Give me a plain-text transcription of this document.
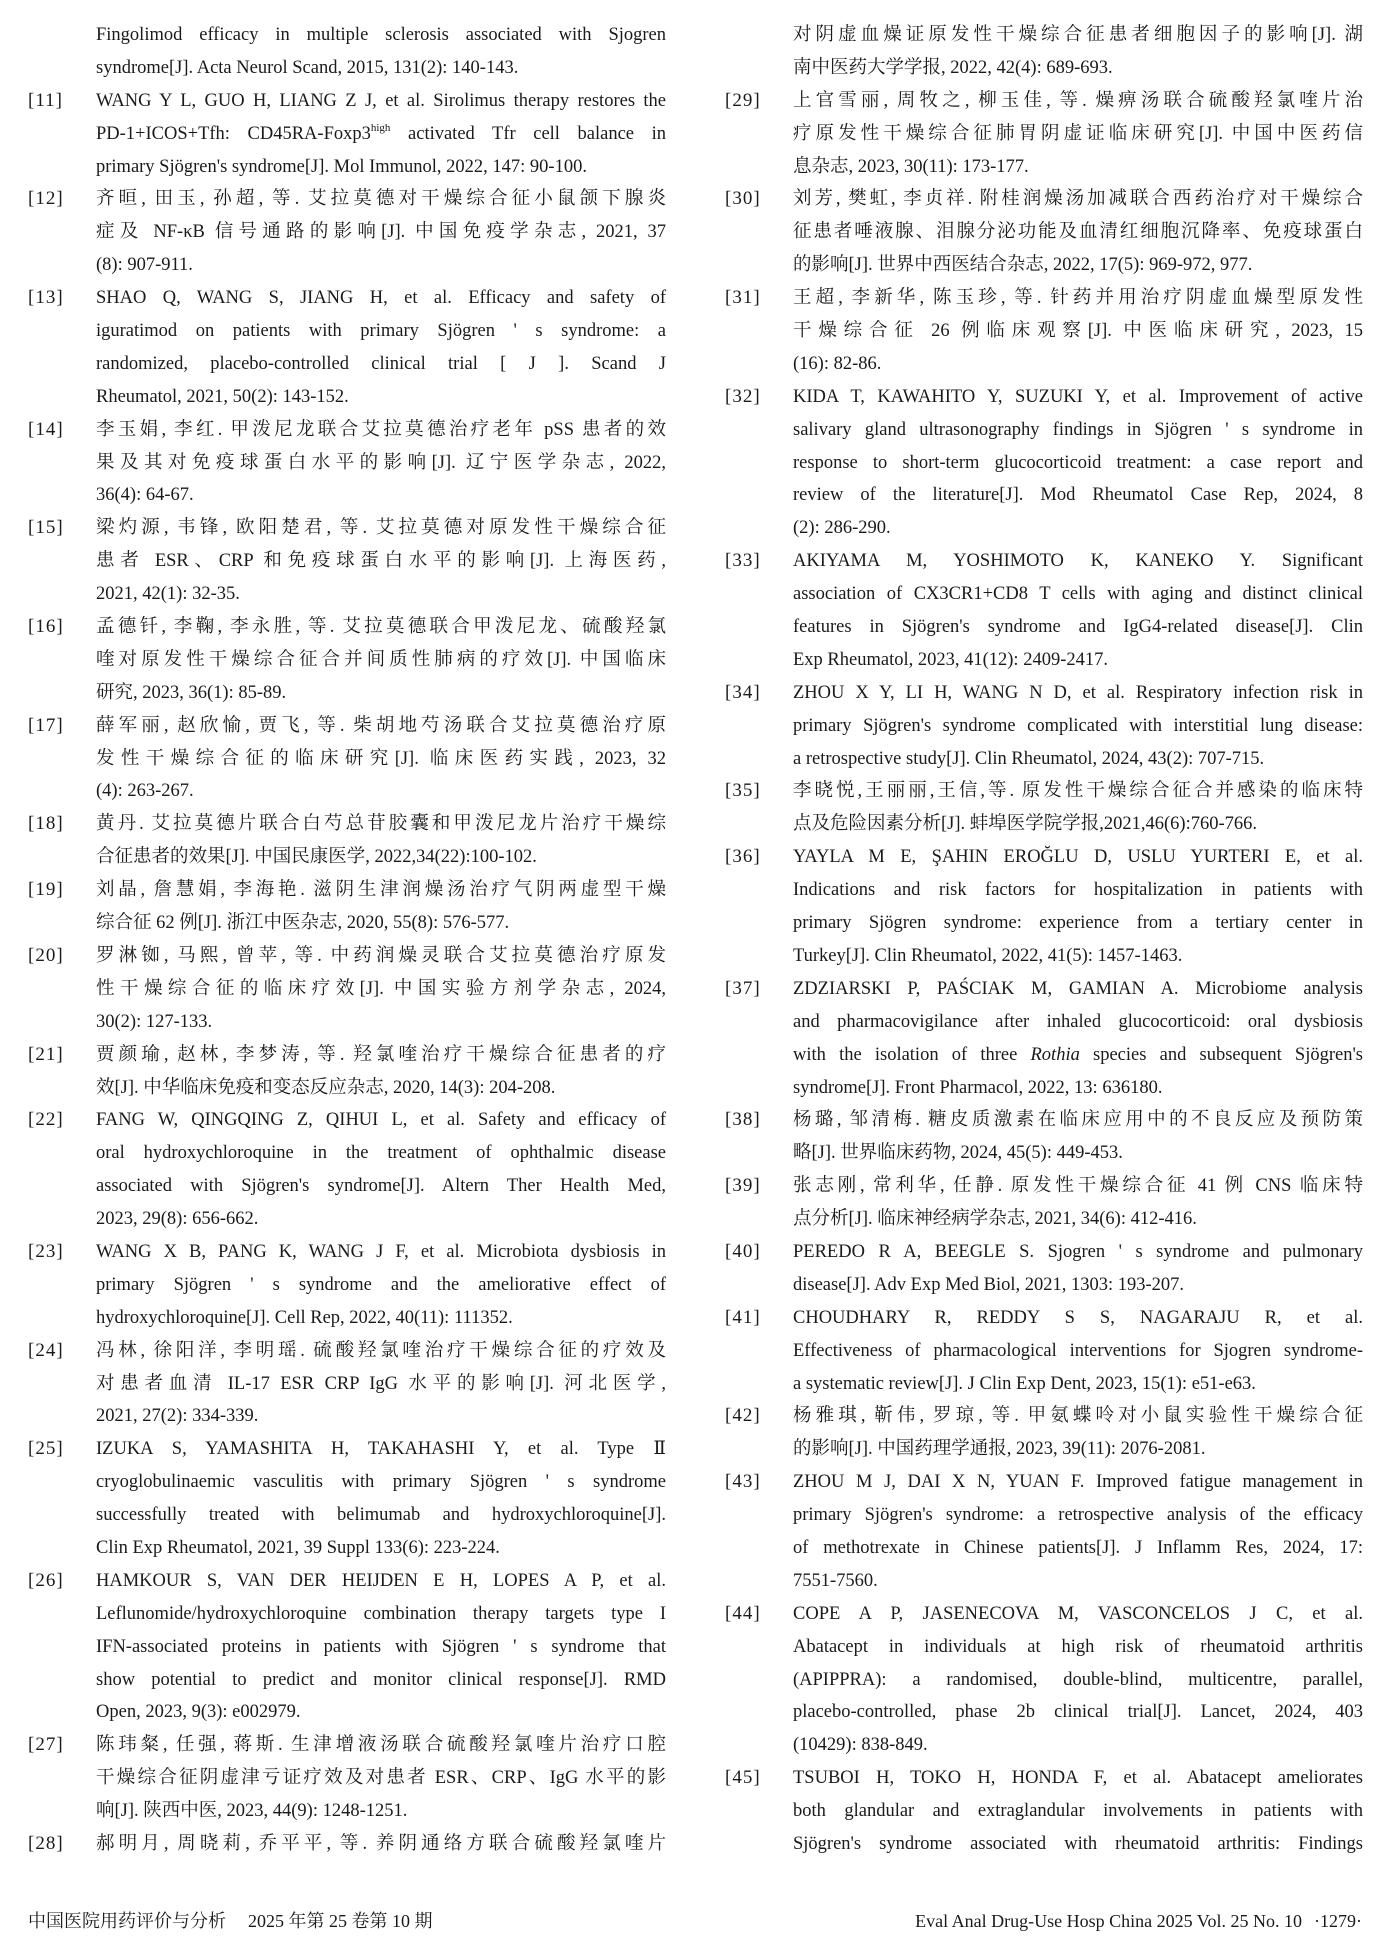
Fingolimod efficacy in multiple sclerosis associated with Sjogren
syndrome[J]. Acta Neurol Scand, 2015, 131(2): 140-143.
[11] WANG Y L, GUO H, LIANG Z J, et al. Sirolimus therapy restores the
PD-1+ICOS+Tfh: $CD45RA-Foxp3^{high}$ activated Tfr cell balance in
primary Sjögren's syndrome[J]. Mol Immunol, 2022, 147: 90-100.
[12] 齐晅, 田玉, 孙超, 等. 艾拉莫德对干燥综合征小鼠颌下腺炎
症及 NF-κB 信号通路的影响[J]. 中国免疫学杂志, 2021, 37
(8): 907-911.
[13] SHAO Q, WANG S, JIANG H, et al. Efficacy and safety of
iguratimod on patients with primary Sjögren ' s syndrome: a
randomized, placebo-controlled clinical trial [ J ]. Scand J
Rheumatol, 2021, 50(2): 143-152.
[14] 李玉娟, 李红. 甲泼尼龙联合艾拉莫德治疗老年 pSS 患者的效
果及其对免疫球蛋白水平的影响[J]. 辽宁医学杂志, 2022,
36(4): 64-67.
[15] 梁灼源, 韦锋, 欧阳楚君, 等. 艾拉莫德对原发性干燥综合征
患者 ESR、CRP 和免疫球蛋白水平的影响[J]. 上海医药,
2021, 42(1): 32-35.
[16] 孟德钎, 李鞠, 李永胜, 等. 艾拉莫德联合甲泼尼龙、硫酸羟氯
喹对原发性干燥综合征合并间质性肺病的疗效[J]. 中国临床
研究, 2023, 36(1): 85-89.
[17] 薛军丽, 赵欣愉, 贾飞, 等. 柴胡地芍汤联合艾拉莫德治疗原
发性干燥综合征的临床研究[J]. 临床医药实践, 2023, 32
(4): 263-267.
[18] 黄丹. 艾拉莫德片联合白芍总苷胶囊和甲泼尼龙片治疗干燥综
合征患者的效果[J]. 中国民康医学, 2022,34(22):100-102.
[19] 刘晶, 詹慧娟, 李海艳. 滋阴生津润燥汤治疗气阴两虚型干燥
综合征 62 例[J]. 浙江中医杂志, 2020, 55(8): 576-577.
[20] 罗淋铷, 马熙, 曾苹, 等. 中药润燥灵联合艾拉莫德治疗原发
性干燥综合征的临床疗效[J]. 中国实验方剂学杂志, 2024,
30(2): 127-133.
[21] 贾颜瑜, 赵林, 李梦涛, 等. 羟氯喹治疗干燥综合征患者的疗
效[J]. 中华临床免疫和变态反应杂志, 2020, 14(3): 204-208.
[22] FANG W, QINGQING Z, QIHUI L, et al. Safety and efficacy of
oral hydroxychloroquine in the treatment of ophthalmic disease
associated with Sjögren's syndrome[J]. Altern Ther Health Med,
2023, 29(8): 656-662.
[23] WANG X B, PANG K, WANG J F, et al. Microbiota dysbiosis in
primary Sjögren ' s syndrome and the ameliorative effect of
hydroxychloroquine[J]. Cell Rep, 2022, 40(11): 111352.
[24] 冯林, 徐阳洋, 李明瑶. 硫酸羟氯喹治疗干燥综合征的疗效及
对患者血清 IL-17 ESR CRP IgG 水平的影响[J]. 河北医学,
2021, 27(2): 334-339.
[25] IZUKA S, YAMASHITA H, TAKAHASHI Y, et al. Type Ⅱ
cryoglobulinaemic vasculitis with primary Sjögren ' s syndrome
successfully treated with belimumab and hydroxychloroquine[J].
Clin Exp Rheumatol, 2021, 39 Suppl 133(6): 223-224.
[26] HAMKOUR S, VAN DER HEIJDEN E H, LOPES A P, et al.
Leflunomide/hydroxychloroquine combination therapy targets type I
IFN-associated proteins in patients with Sjögren ' s syndrome that
show potential to predict and monitor clinical response[J]. RMD
Open, 2023, 9(3): e002979.
[27] 陈玮粲, 任强, 蒋斯. 生津增液汤联合硫酸羟氯喹片治疗口腔
干燥综合征阴虚津亏证疗效及对患者 ESR、CRP、IgG 水平的影
响[J]. 陕西中医, 2023, 44(9): 1248-1251.
[28] 郝明月, 周晓莉, 乔平平, 等. 养阴通络方联合硫酸羟氯喹片
对阴虚血燥证原发性干燥综合征患者细胞因子的影响[J]. 湖
南中医药大学学报, 2022, 42(4): 689-693.
[29] 上官雪丽, 周牧之, 柳玉佳, 等. 燥痹汤联合硫酸羟氯喹片治
疗原发性干燥综合征肺胃阴虚证临床研究[J]. 中国中医药信
息杂志, 2023, 30(11): 173-177.
[30] 刘芳, 樊虹, 李贞祥. 附桂润燥汤加减联合西药治疗对干燥综合
征患者唾液腺、泪腺分泌功能及血清红细胞沉降率、免疫球蛋白
的影响[J]. 世界中西医结合杂志, 2022, 17(5): 969-972, 977.
[31] 王超, 李新华, 陈玉珍, 等. 针药并用治疗阴虚血燥型原发性
干燥综合征 26 例临床观察[J]. 中医临床研究, 2023, 15
(16): 82-86.
[32] KIDA T, KAWAHITO Y, SUZUKI Y, et al. Improvement of active
salivary gland ultrasonography findings in Sjögren ' s syndrome in
response to short-term glucocorticoid treatment: a case report and
review of the literature[J]. Mod Rheumatol Case Rep, 2024, 8
(2): 286-290.
[33] AKIYAMA M, YOSHIMOTO K, KANEKO Y. Significant
association of CX3CR1+CD8 T cells with aging and distinct clinical
features in Sjögren's syndrome and IgG4-related disease[J]. Clin
Exp Rheumatol, 2023, 41(12): 2409-2417.
[34] ZHOU X Y, LI H, WANG N D, et al. Respiratory infection risk in
primary Sjögren's syndrome complicated with interstitial lung disease:
a retrospective study[J]. Clin Rheumatol, 2024, 43(2): 707-715.
[35] 李晓悦,王丽丽,王信,等. 原发性干燥综合征合并感染的临床特
点及危险因素分析[J]. 蚌埠医学院学报,2021,46(6):760-766.
[36] YAYLA M E, ŞAHIN EROĞLU D, USLU YURTERI E, et al.
Indications and risk factors for hospitalization in patients with
primary Sjögren syndrome: experience from a tertiary center in
Turkey[J]. Clin Rheumatol, 2022, 41(5): 1457-1463.
[37] ZDZIARSKI P, PAŚCIAK M, GAMIAN A. Microbiome analysis
and pharmacovigilance after inhaled glucocorticoid: oral dysbiosis
with the isolation of three Rothia species and subsequent Sjögren's
syndrome[J]. Front Pharmacol, 2022, 13: 636180.
[38] 杨璐, 邹清梅. 糖皮质激素在临床应用中的不良反应及预防策
略[J]. 世界临床药物, 2024, 45(5): 449-453.
[39] 张志刚, 常利华, 任静. 原发性干燥综合征 41 例 CNS 临床特
点分析[J]. 临床神经病学杂志, 2021, 34(6): 412-416.
[40] PEREDO R A, BEEGLE S. Sjogren ' s syndrome and pulmonary
disease[J]. Adv Exp Med Biol, 2021, 1303: 193-207.
[41] CHOUDHARY R, REDDY S S, NAGARAJU R, et al.
Effectiveness of pharmacological interventions for Sjogren syndrome-
a systematic review[J]. J Clin Exp Dent, 2023, 15(1): e51-e63.
[42] 杨雅琪, 靳伟, 罗琼, 等. 甲氨蝶呤对小鼠实验性干燥综合征
的影响[J]. 中国药理学通报, 2023, 39(11): 2076-2081.
[43] ZHOU M J, DAI X N, YUAN F. Improved fatigue management in
primary Sjögren's syndrome: a retrospective analysis of the efficacy
of methotrexate in Chinese patients[J]. J Inflamm Res, 2024, 17:
7551-7560.
[44] COPE A P, JASENECOVA M, VASCONCELOS J C, et al.
Abatacept in individuals at high risk of rheumatoid arthritis
(APIPPRA): a randomised, double-blind, multicentre, parallel,
placebo-controlled, phase 2b clinical trial[J]. Lancet, 2024, 403
(10429): 838-849.
[45] TSUBOI H, TOKO H, HONDA F, et al. Abatacept ameliorates
both glandular and extraglandular involvements in patients with
Sjögren's syndrome associated with rheumatoid arthritis: Findings
中国医院用药评价与分析 2025 年第 25 卷第 10 期	Eval Anal Drug-Use Hosp China 2025 Vol. 25 No. 10 ·1279·
